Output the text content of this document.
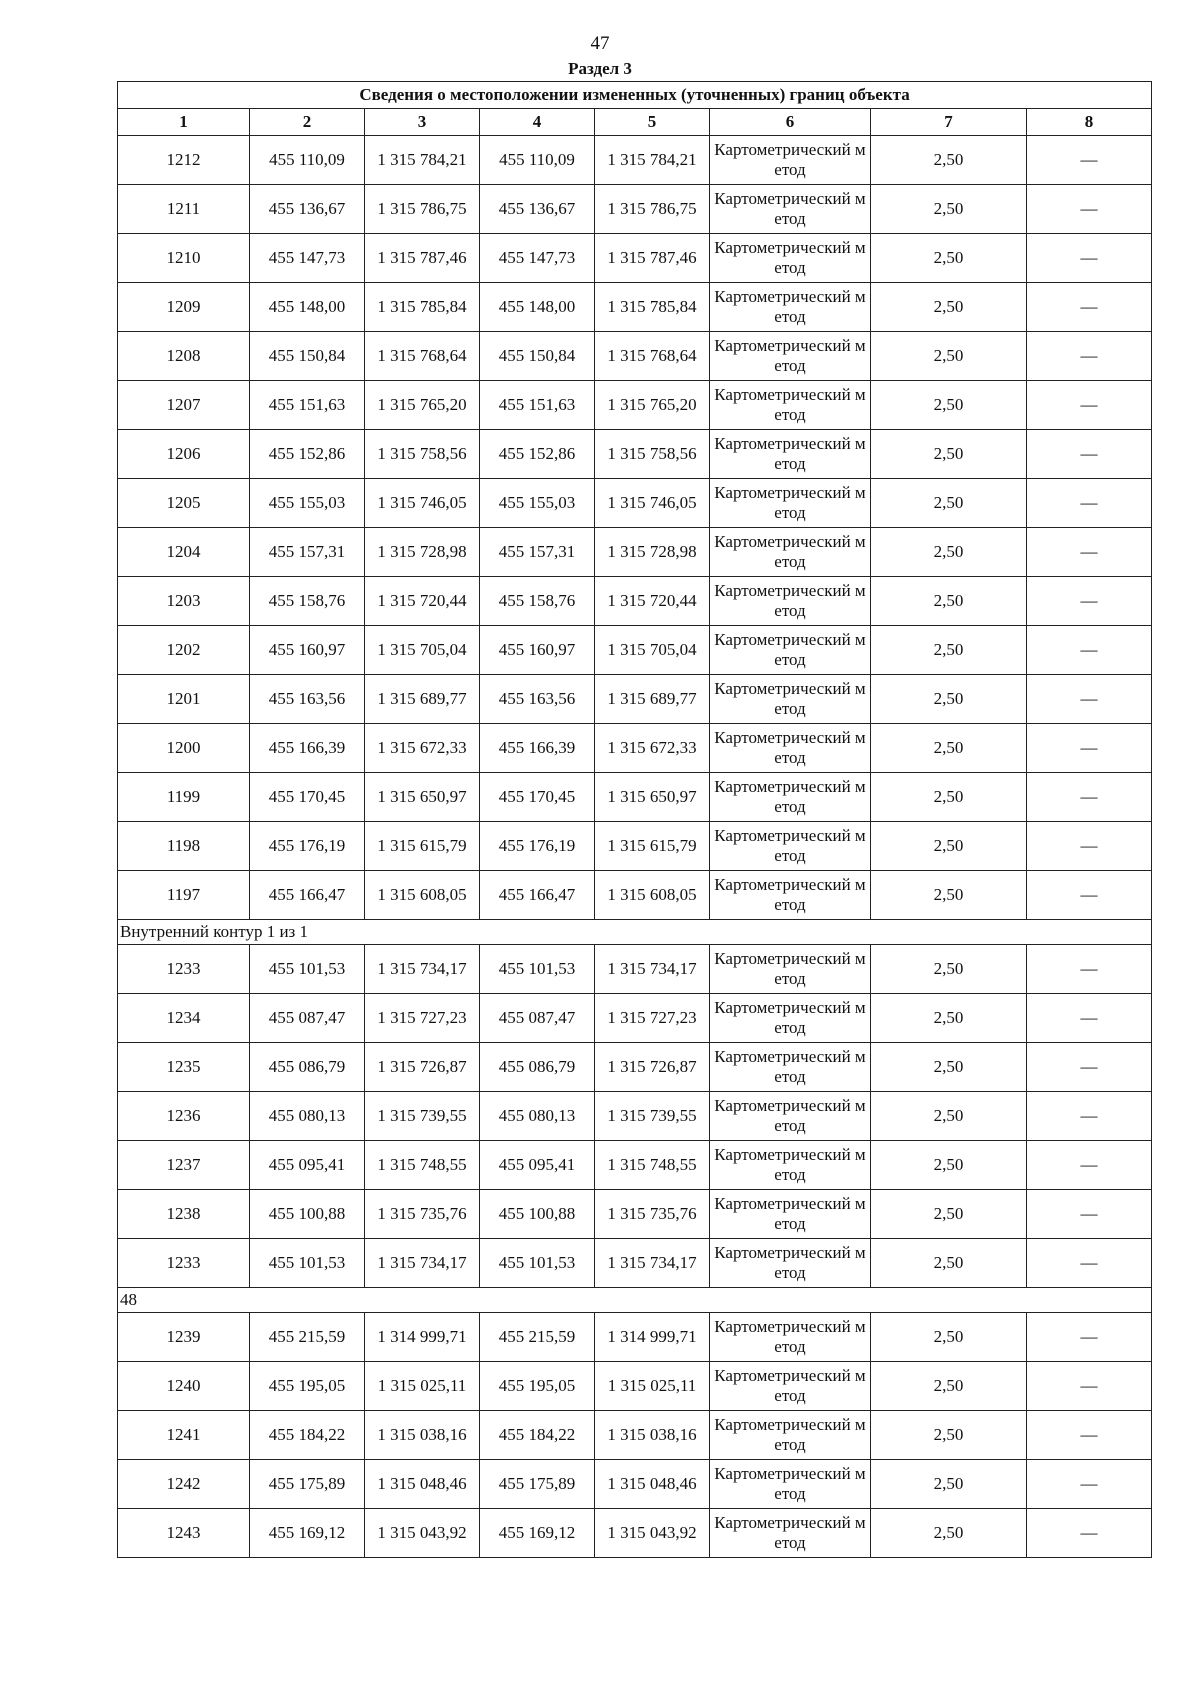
47
Раздел 3
Сведения о местоположении измененных (уточненных) границ объекта							
1	2	3	4	5	6	7	8
1212	455 110,09	1 315 784,21	455 110,09	1 315 784,21	Картометрический метод	2,50	—
1211	455 136,67	1 315 786,75	455 136,67	1 315 786,75	Картометрический метод	2,50	—
1210	455 147,73	1 315 787,46	455 147,73	1 315 787,46	Картометрический метод	2,50	—
1209	455 148,00	1 315 785,84	455 148,00	1 315 785,84	Картометрический метод	2,50	—
1208	455 150,84	1 315 768,64	455 150,84	1 315 768,64	Картометрический метод	2,50	—
1207	455 151,63	1 315 765,20	455 151,63	1 315 765,20	Картометрический метод	2,50	—
1206	455 152,86	1 315 758,56	455 152,86	1 315 758,56	Картометрический метод	2,50	—
1205	455 155,03	1 315 746,05	455 155,03	1 315 746,05	Картометрический метод	2,50	—
1204	455 157,31	1 315 728,98	455 157,31	1 315 728,98	Картометрический метод	2,50	—
1203	455 158,76	1 315 720,44	455 158,76	1 315 720,44	Картометрический метод	2,50	—
1202	455 160,97	1 315 705,04	455 160,97	1 315 705,04	Картометрический метод	2,50	—
1201	455 163,56	1 315 689,77	455 163,56	1 315 689,77	Картометрический метод	2,50	—
1200	455 166,39	1 315 672,33	455 166,39	1 315 672,33	Картометрический метод	2,50	—
1199	455 170,45	1 315 650,97	455 170,45	1 315 650,97	Картометрический метод	2,50	—
1198	455 176,19	1 315 615,79	455 176,19	1 315 615,79	Картометрический метод	2,50	—
1197	455 166,47	1 315 608,05	455 166,47	1 315 608,05	Картометрический метод	2,50	—
Внутренний контур 1 из 1							
1233	455 101,53	1 315 734,17	455 101,53	1 315 734,17	Картометрический метод	2,50	—
1234	455 087,47	1 315 727,23	455 087,47	1 315 727,23	Картометрический метод	2,50	—
1235	455 086,79	1 315 726,87	455 086,79	1 315 726,87	Картометрический метод	2,50	—
1236	455 080,13	1 315 739,55	455 080,13	1 315 739,55	Картометрический метод	2,50	—
1237	455 095,41	1 315 748,55	455 095,41	1 315 748,55	Картометрический метод	2,50	—
1238	455 100,88	1 315 735,76	455 100,88	1 315 735,76	Картометрический метод	2,50	—
1233	455 101,53	1 315 734,17	455 101,53	1 315 734,17	Картометрический метод	2,50	—
48							
1239	455 215,59	1 314 999,71	455 215,59	1 314 999,71	Картометрический метод	2,50	—
1240	455 195,05	1 315 025,11	455 195,05	1 315 025,11	Картометрический метод	2,50	—
1241	455 184,22	1 315 038,16	455 184,22	1 315 038,16	Картометрический метод	2,50	—
1242	455 175,89	1 315 048,46	455 175,89	1 315 048,46	Картометрический метод	2,50	—
1243	455 169,12	1 315 043,92	455 169,12	1 315 043,92	Картометрический метод	2,50	—
